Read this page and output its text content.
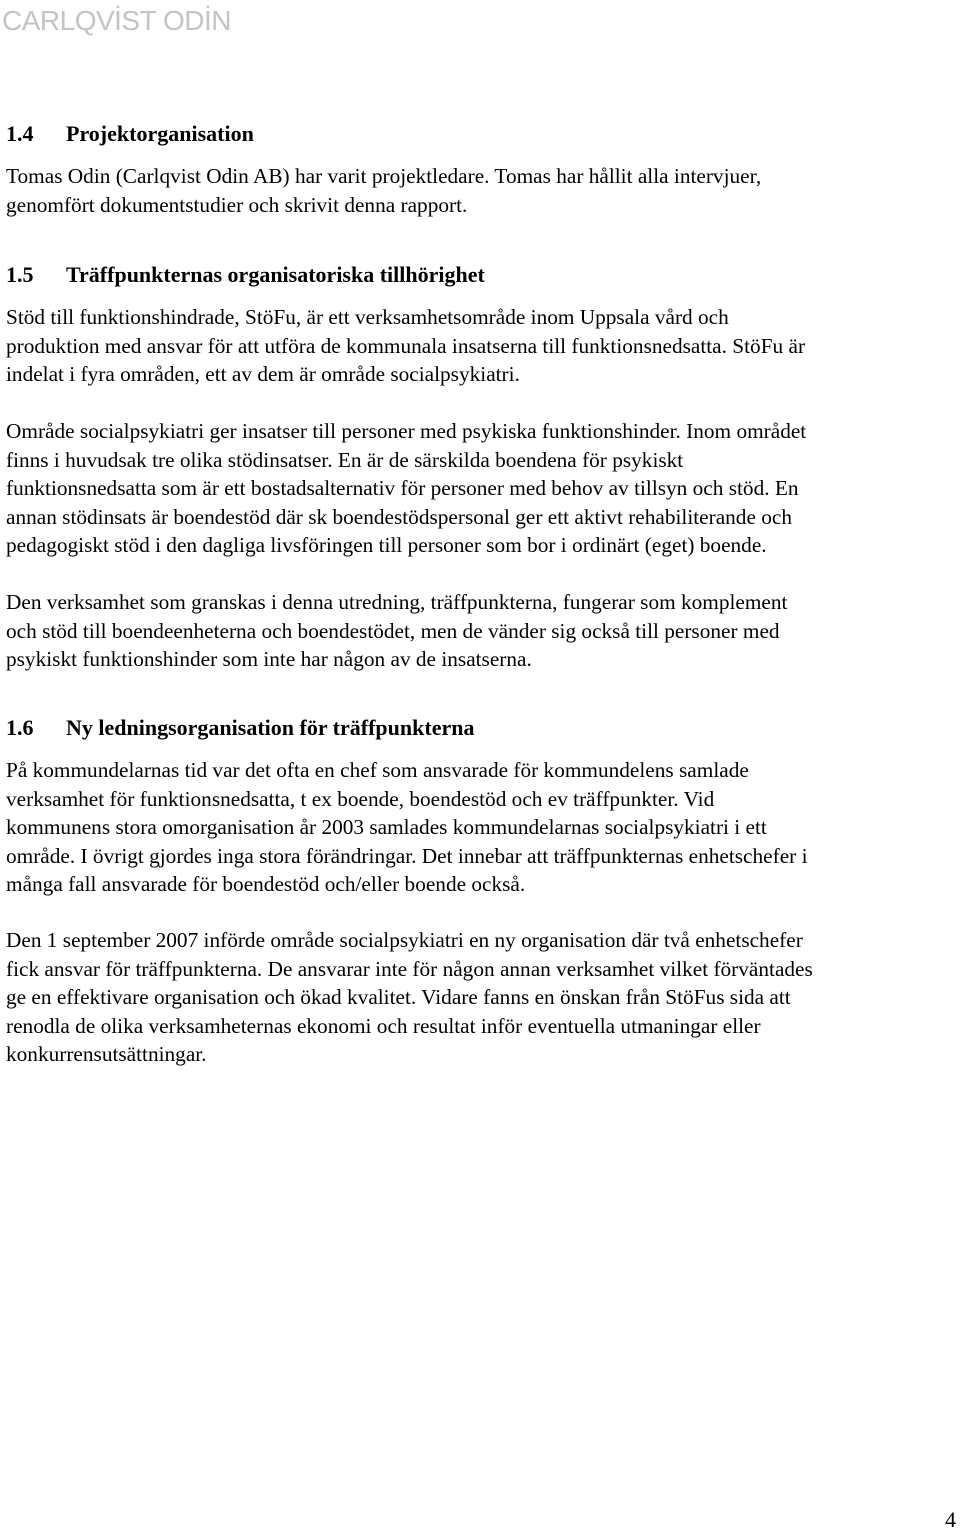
CARLQVİST ODİN
1.4 Projektorganisation
Tomas Odin (Carlqvist Odin AB) har varit projektledare. Tomas har hållit alla intervjuer,
genomfört dokumentstudier och skrivit denna rapport.
1.5 Träffpunkternas organisatoriska tillhörighet
Stöd till funktionshindrade, StöFu, är ett verksamhetsområde inom Uppsala vård och
produktion med ansvar för att utföra de kommunala insatserna till funktionsnedsatta. StöFu är
indelat i fyra områden, ett av dem är område socialpsykiatri.
Område socialpsykiatri ger insatser till personer med psykiska funktionshinder. Inom området
finns i huvudsak tre olika stödinsatser. En är de särskilda boendena för psykiskt
funktionsnedsatta som är ett bostadsalternativ för personer med behov av tillsyn och stöd. En
annan stödinsats är boendestöd där sk boendestödspersonal ger ett aktivt rehabiliterande och
pedagogiskt stöd i den dagliga livsföringen till personer som bor i ordinärt (eget) boende.
Den verksamhet som granskas i denna utredning, träffpunkterna, fungerar som komplement
och stöd till boendeenheterna och boendestödet, men de vänder sig också till personer med
psykiskt funktionshinder som inte har någon av de insatserna.
1.6 Ny ledningsorganisation för träffpunkterna
På kommundelarnas tid var det ofta en chef som ansvarade för kommundelens samlade
verksamhet för funktionsnedsatta, t ex boende, boendestöd och ev träffpunkter. Vid
kommunens stora omorganisation år 2003 samlades kommundelarnas socialpsykiatri i ett
område. I övrigt gjordes inga stora förändringar. Det innebar att träffpunkternas enhetschefer i
många fall ansvarade för boendestöd och/eller boende också.
Den 1 september 2007 införde område socialpsykiatri en ny organisation där två enhetschefer
fick ansvar för träffpunkterna. De ansvarar inte för någon annan verksamhet vilket förväntades
ge en effektivare organisation och ökad kvalitet. Vidare fanns en önskan från StöFus sida att
renodla de olika verksamheternas ekonomi och resultat inför eventuella utmaningar eller
konkurrensutsättningar.
4
